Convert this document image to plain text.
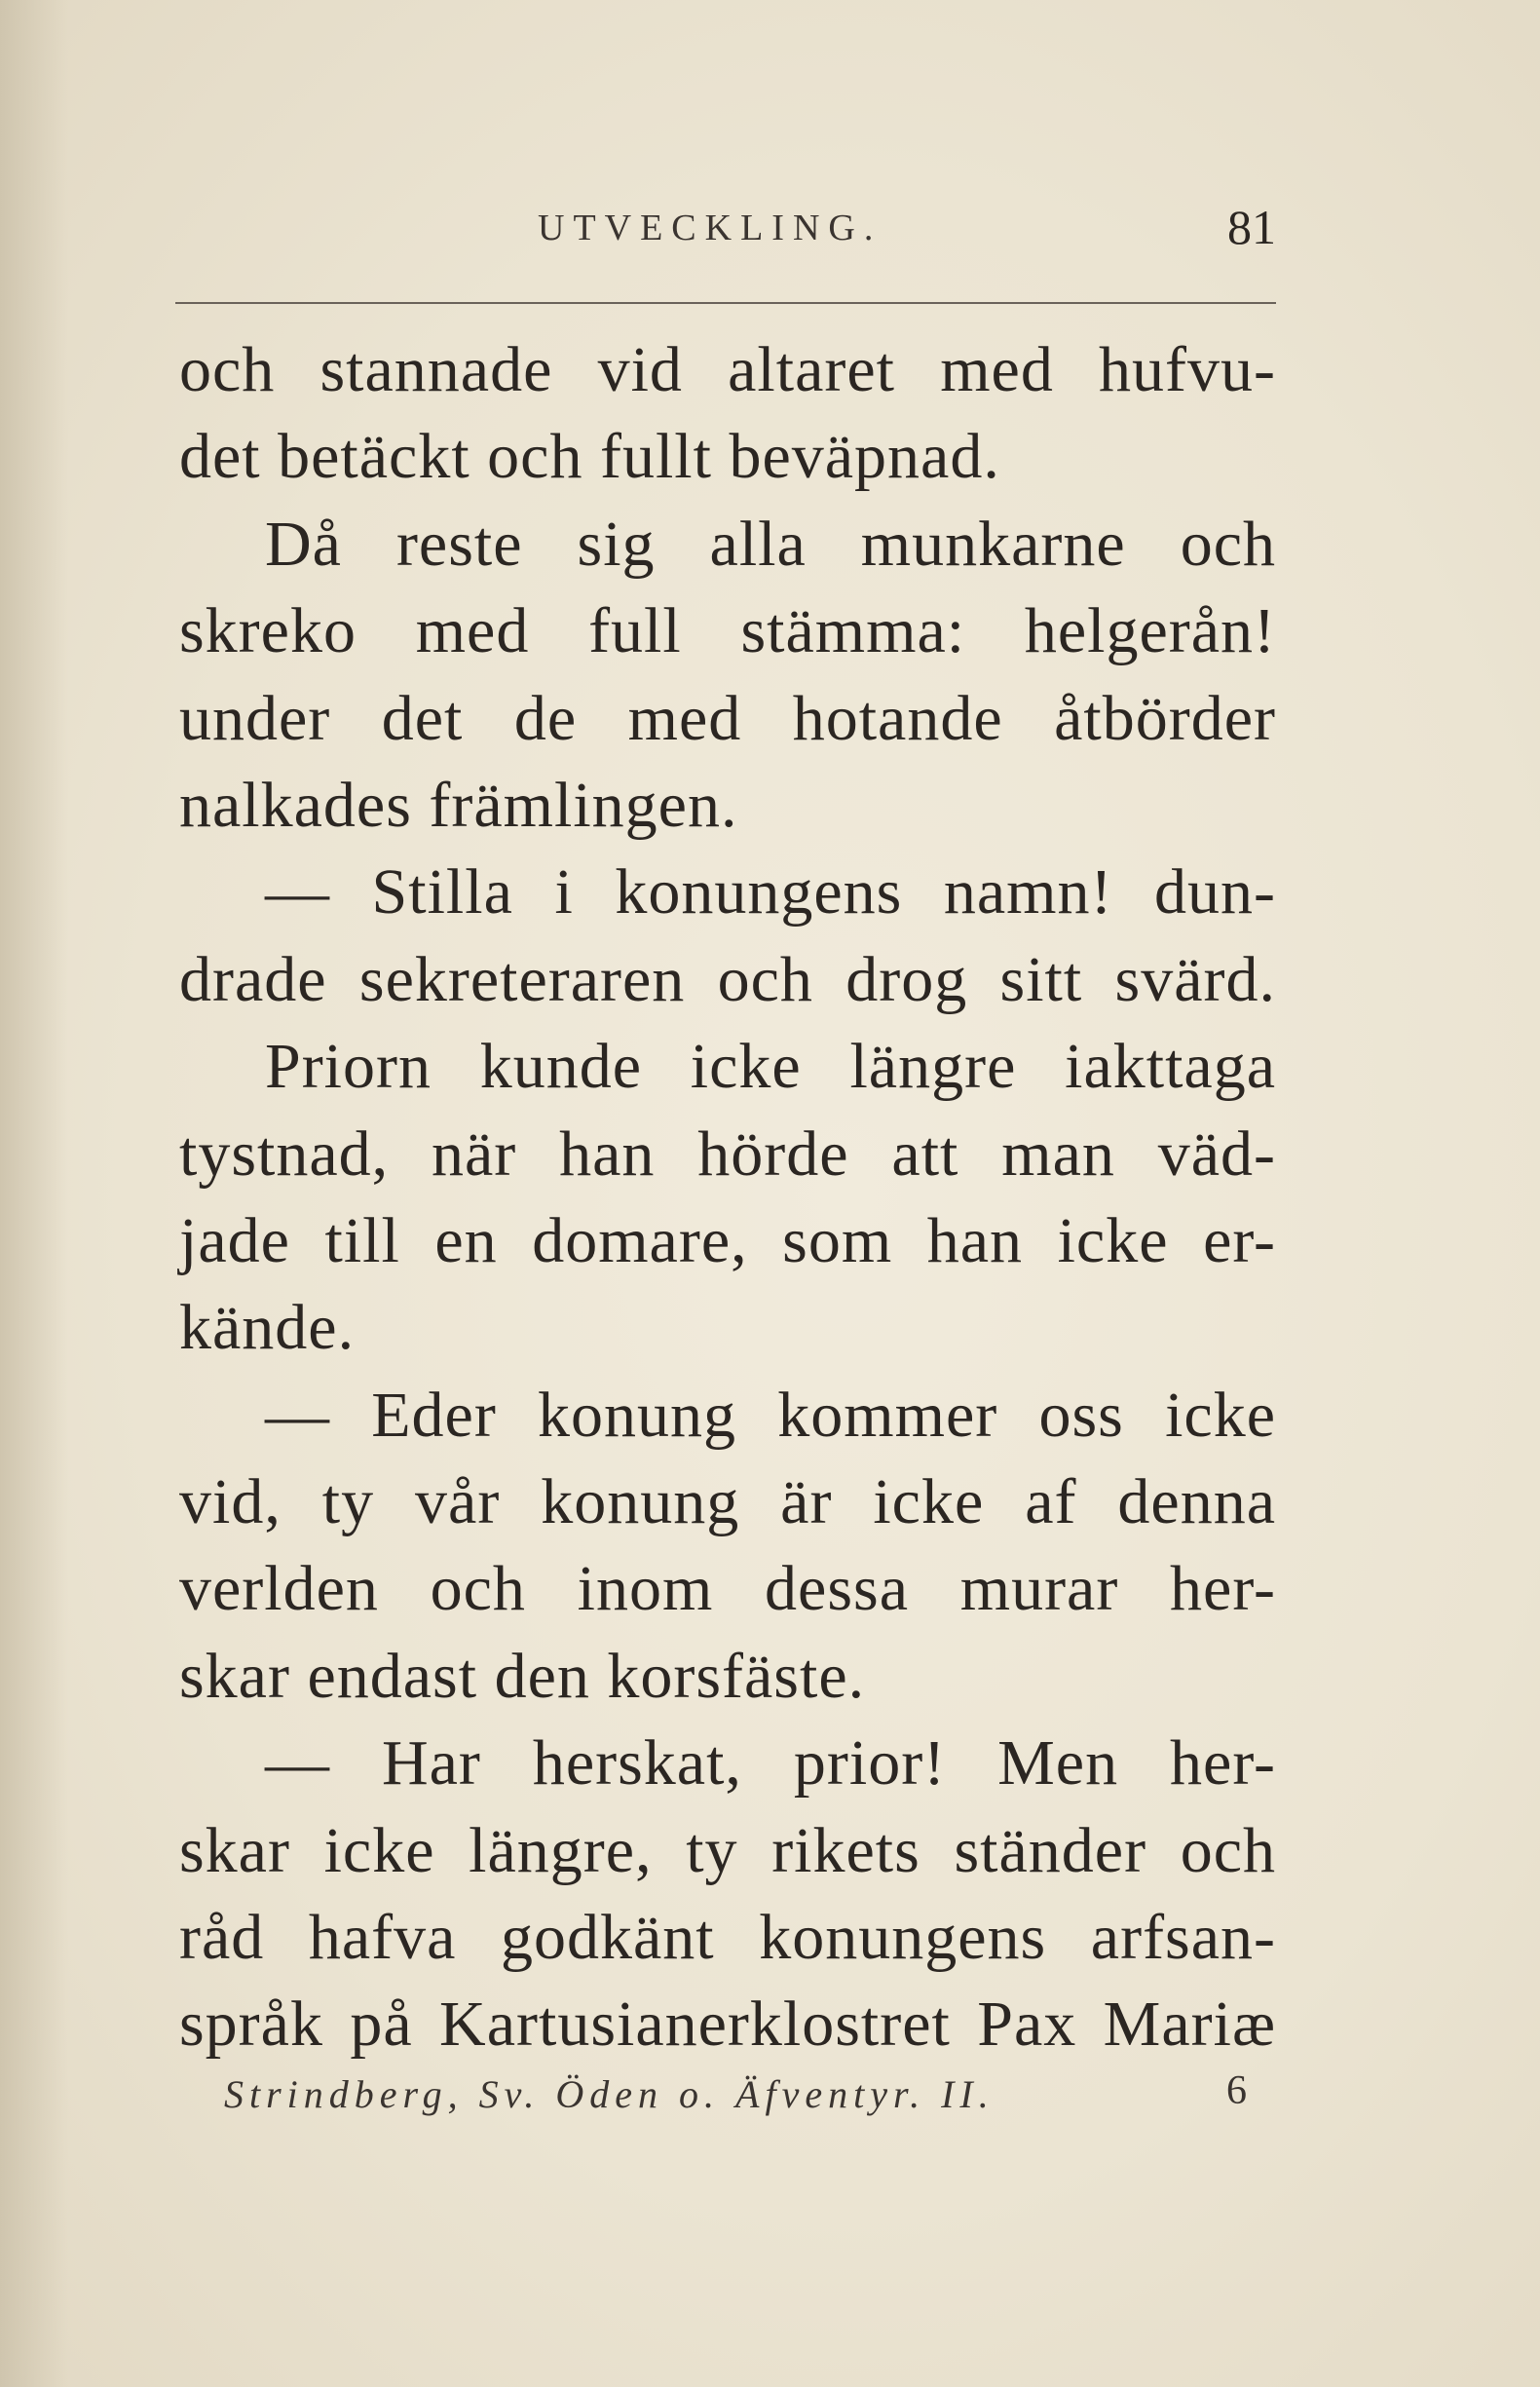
UTVECKLING.	81
och stannade vid altaret med hufvu-
det betäckt och fullt beväpnad.
Då reste sig alla munkarne och
skreko med full stämma: helgerån!
under det de med hotande åtbörder
nalkades främlingen.
— Stilla i konungens namn! dun-
drade sekreteraren och drog sitt svärd.
Priorn kunde icke längre iakttaga
tystnad, när han hörde att man väd-
jade till en domare, som han icke er-
kände.
— Eder konung kommer oss icke
vid, ty vår konung är icke af denna
verlden och inom dessa murar her-
skar endast den korsfäste.
— Har herskat, prior! Men her-
skar icke längre, ty rikets ständer och
råd hafva godkänt konungens arfsan-
språk på Kartusianerklostret Pax Mariæ
Strindberg, Sv. Öden o. Äfventyr. II.	6
